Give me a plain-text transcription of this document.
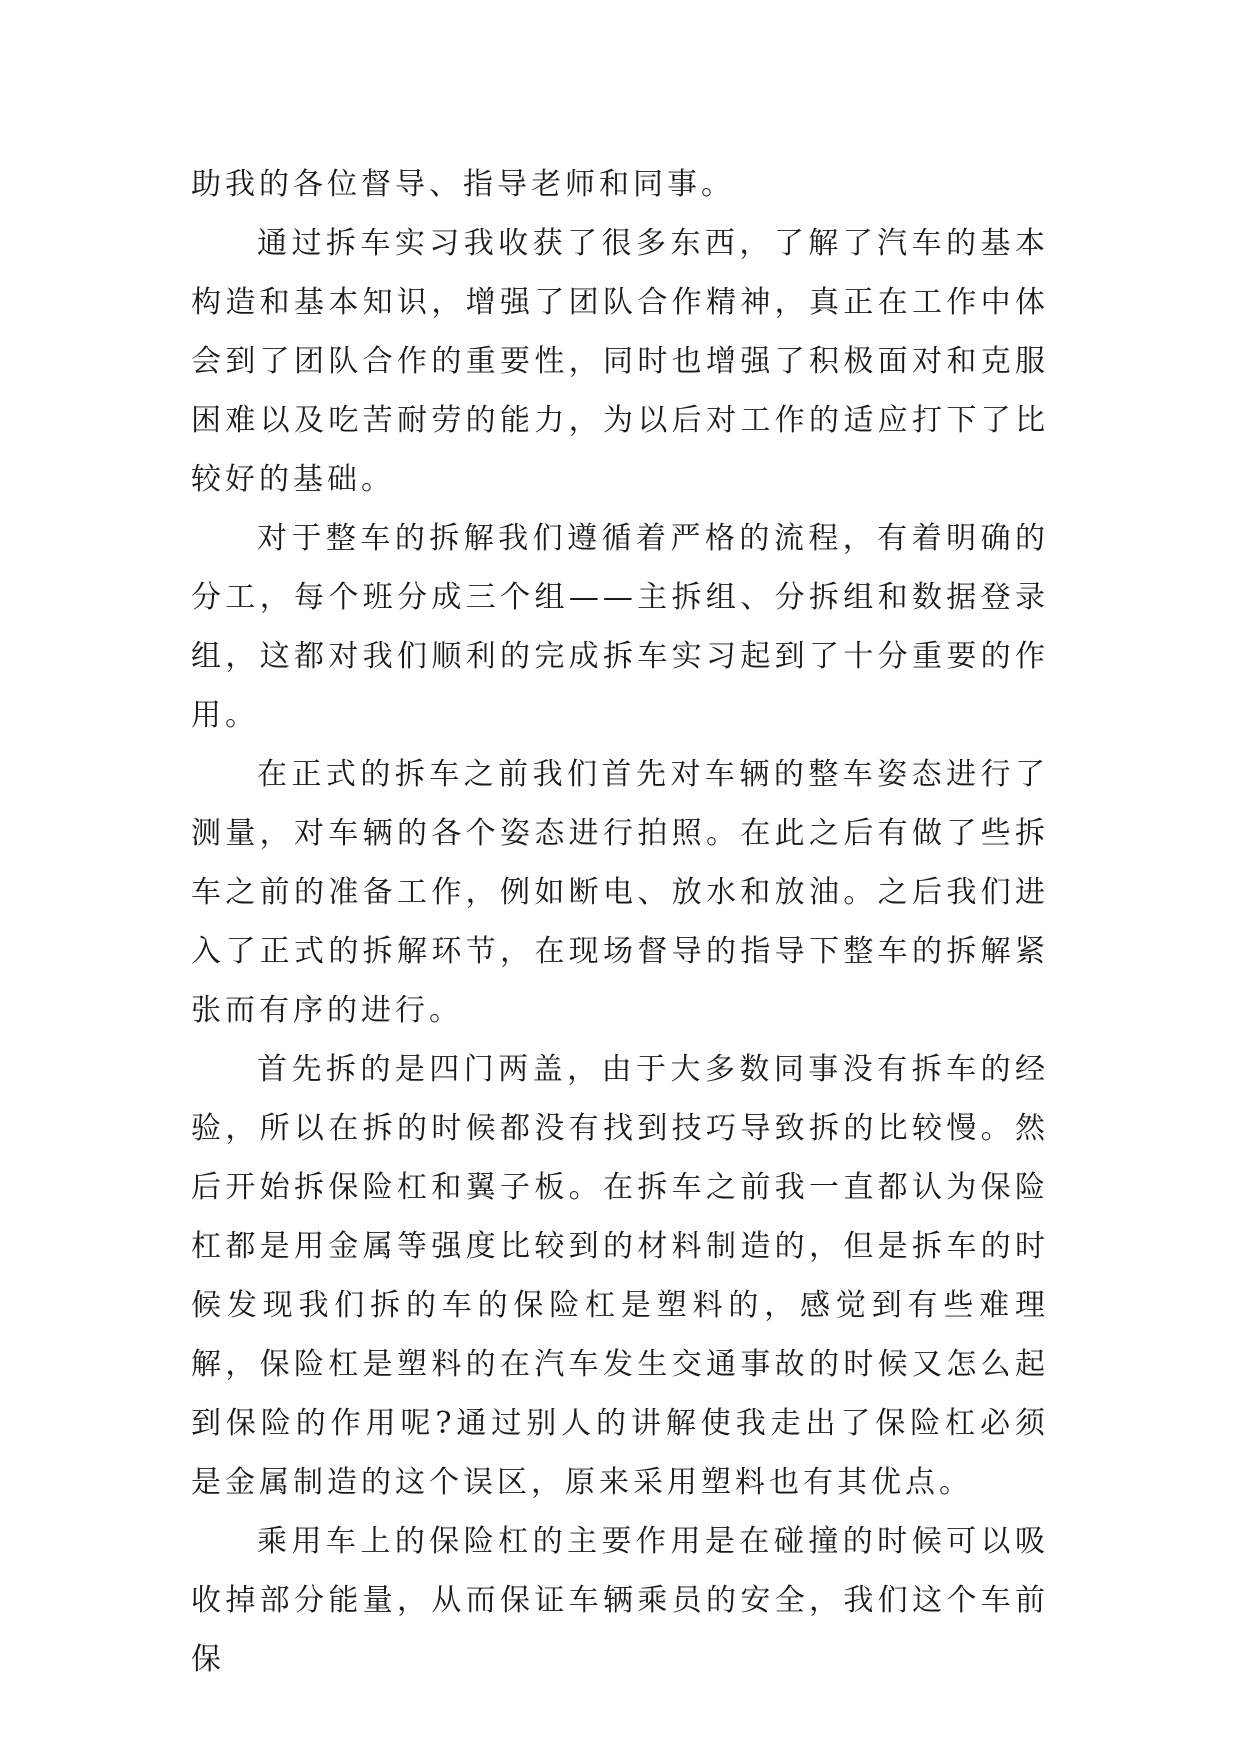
助我的各位督导、指导老师和同事。

通过拆车实习我收获了很多东西，了解了汽车的基本构造和基本知识，增强了团队合作精神，真正在工作中体会到了团队合作的重要性，同时也增强了积极面对和克服困难以及吃苦耐劳的能力，为以后对工作的适应打下了比较好的基础。

对于整车的拆解我们遵循着严格的流程，有着明确的分工，每个班分成三个组——主拆组、分拆组和数据登录组，这都对我们顺利的完成拆车实习起到了十分重要的作用。

在正式的拆车之前我们首先对车辆的整车姿态进行了测量，对车辆的各个姿态进行拍照。在此之后有做了些拆车之前的准备工作，例如断电、放水和放油。之后我们进入了正式的拆解环节，在现场督导的指导下整车的拆解紧张而有序的进行。

首先拆的是四门两盖，由于大多数同事没有拆车的经验，所以在拆的时候都没有找到技巧导致拆的比较慢。然后开始拆保险杠和翼子板。在拆车之前我一直都认为保险杠都是用金属等强度比较到的材料制造的，但是拆车的时候发现我们拆的车的保险杠是塑料的，感觉到有些难理解，保险杠是塑料的在汽车发生交通事故的时候又怎么起到保险的作用呢?通过别人的讲解使我走出了保险杠必须是金属制造的这个误区，原来采用塑料也有其优点。

乘用车上的保险杠的主要作用是在碰撞的时候可以吸收掉部分能量，从而保证车辆乘员的安全，我们这个车前保
